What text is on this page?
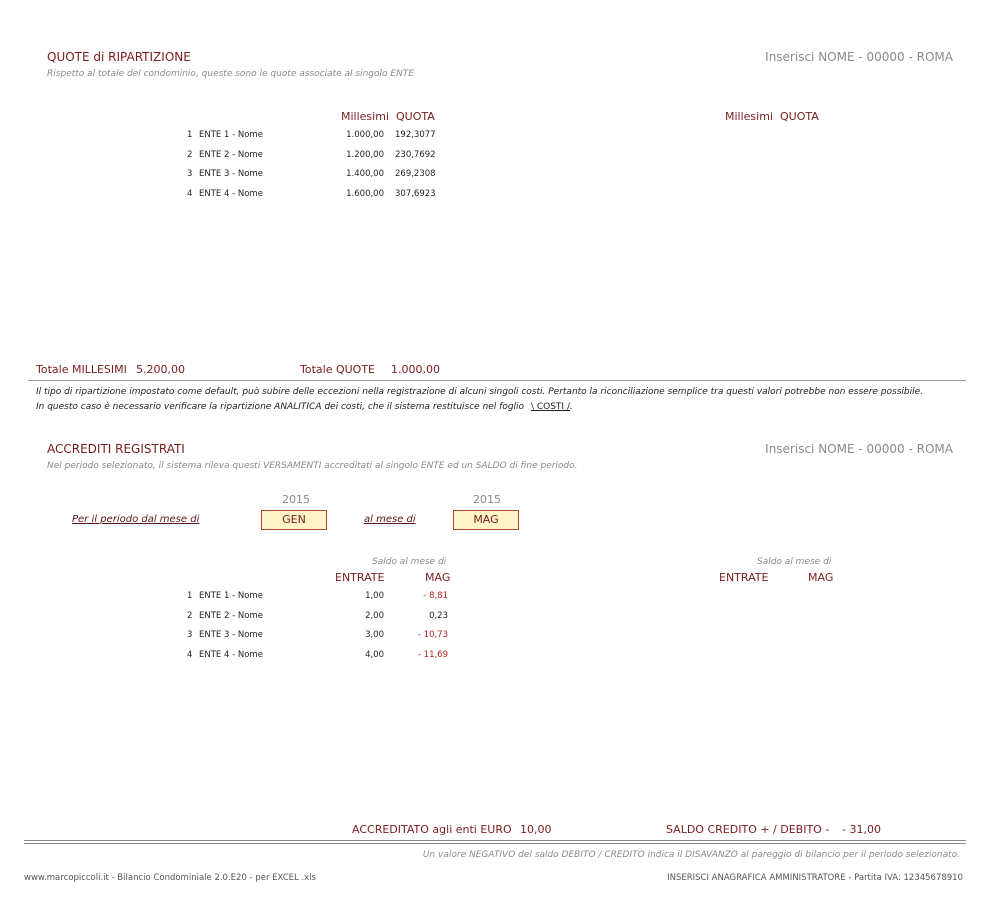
QUOTE di RIPARTIZIONE
Rispetto al totale del condominio, queste sono le quote associate al singolo ENTE
Inserisci NOME - 00000 - ROMA
Millesimi QUOTA	Millesimi QUOTA
1 ENTE 1 - Nome	1.000,00 192,3077
2 ENTE 2 - Nome	1.200,00 230,7692
3 ENTE 3 - Nome	1.400,00 269,2308
4 ENTE 4 - Nome	1.600,00 307,6923
Totale MILLESIMI 5.200,00	Totale QUOTE 1.000,00
Il tipo di ripartizione impostato come default, può subire delle eccezioni nella registrazione di alcuni singoli costi. Pertanto la riconciliazione semplice tra questi valori potrebbe non essere possibile.
In questo caso è necessario verificare la ripartizione ANALITICA dei costi, che il sistema restituisce nel foglio \ COSTI /.
ACCREDITI REGISTRATI
Nel periodo selezionato, il sistema rileva questi VERSAMENTI accreditati al singolo ENTE ed un SALDO di fine periodo.
Inserisci NOME - 00000 - ROMA
2015	2015
Per il periodo dal mese di	GEN	al mese di	MAG
Saldo al mese di
ENTRATE	MAG
Saldo al mese di
ENTRATE	MAG
1 ENTE 1 - Nome	1,00	- 8,81
2 ENTE 2 - Nome	2,00	0,23
3 ENTE 3 - Nome	3,00	- 10,73
4 ENTE 4 - Nome	4,00	- 11,69
ACCREDITATO agli enti EURO 10,00	SALDO CREDITO + / DEBITO - - 31,00
Un valore NEGATIVO del saldo DEBITO / CREDITO indica il DISAVANZO al pareggio di bilancio per il periodo selezionato.
www.marcopiccoli.it - Bilancio Condominiale 2.0.E20 - per EXCEL .xls	INSERISCI ANAGRAFICA AMMINISTRATORE - Partita IVA: 12345678910
